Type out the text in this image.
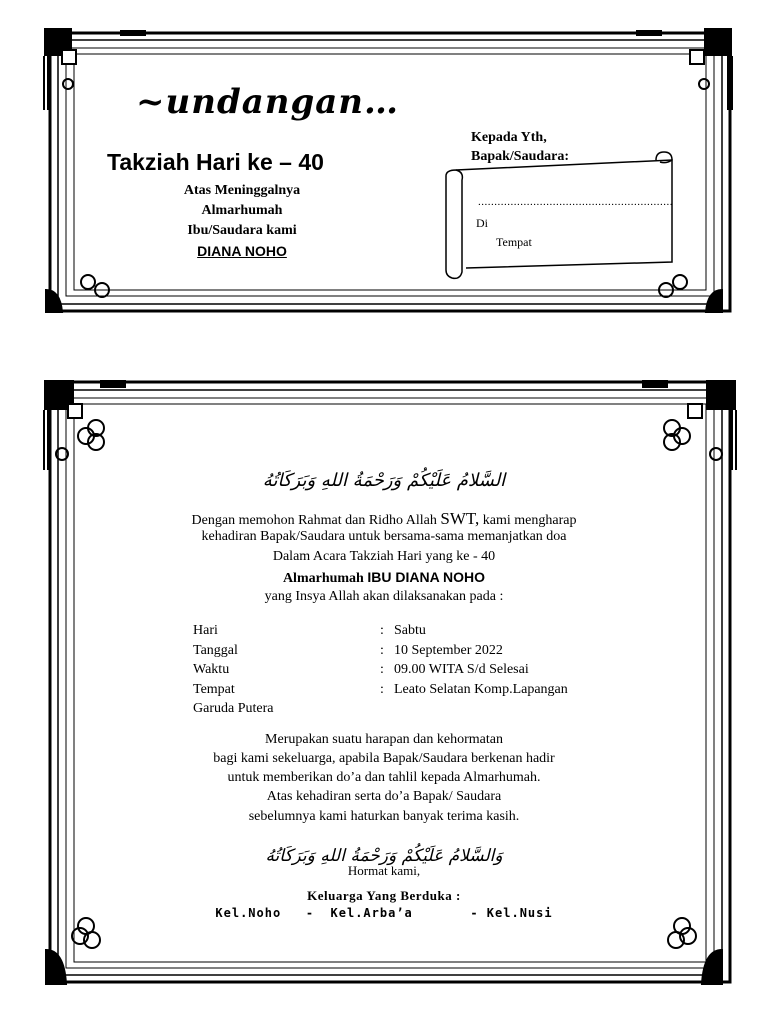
~undangan…
Takziah Hari ke – 40
Atas Meninggalnya
Almarhumah
Ibu/Saudara kami
DIANA NOHO
Kepada Yth,
Bapak/Saudara:
............................................................
Di
Tempat
السَّلامُ عَلَيْكُمْ وَرَحْمَةُ اللهِ وَبَرَكَاتُهُ
Dengan memohon Rahmat dan Ridho Allah SWT, kami mengharap
kehadiran Bapak/Saudara untuk bersama-sama memanjatkan doa
Dalam Acara Takziah Hari yang ke - 40
Almarhumah IBU DIANA NOHO
yang Insya Allah akan dilaksanakan pada :
Hari	: Sabtu
Tanggal	: 10 September 2022
Waktu	: 09.00 WITA S/d Selesai
Tempat	: Leato Selatan Komp.Lapangan
Garuda Putera
Merupakan suatu harapan dan kehormatan
bagi kami sekeluarga, apabila Bapak/Saudara berkenan hadir
untuk memberikan do’a dan tahlil kepada Almarhumah.
Atas kehadiran serta do’a Bapak/ Saudara
sebelumnya kami haturkan banyak terima kasih.
وَالسَّلامُ عَلَيْكُمْ وَرَحْمَةُ اللهِ وَبَرَكَاتُهُ
Hormat kami,
Keluarga Yang Berduka :
Kel.Noho   -  Kel.Arba’a       - Kel.Nusi
